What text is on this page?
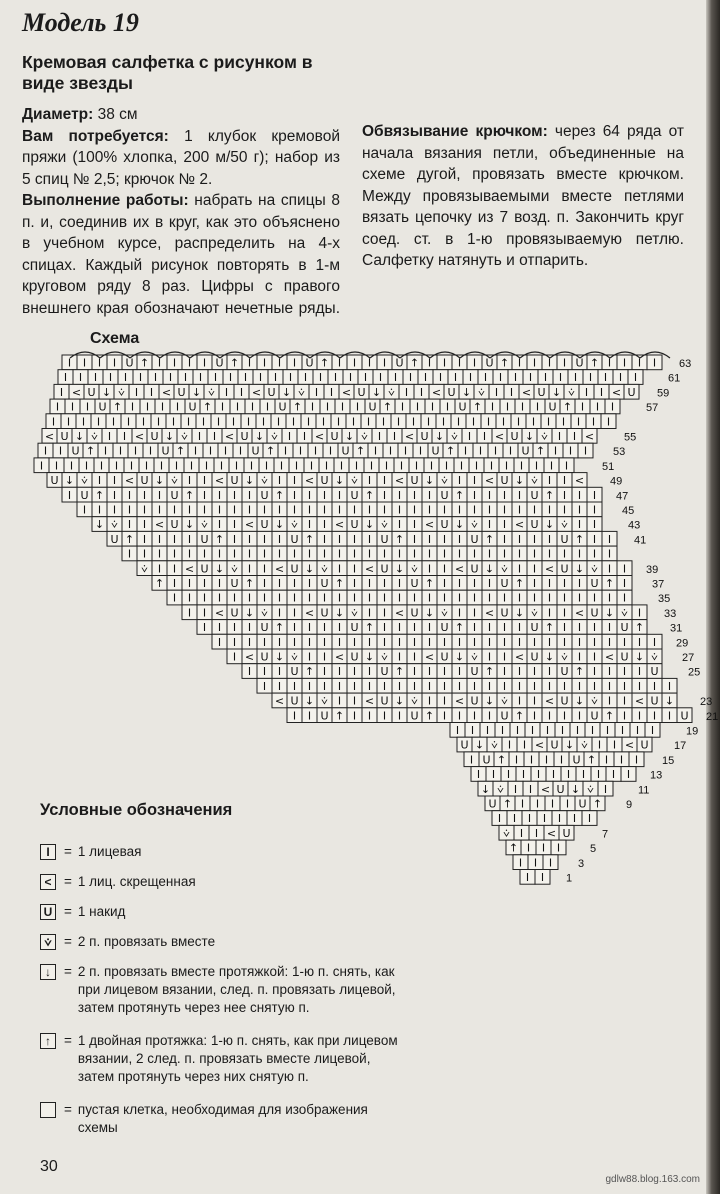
Модель 19
Кремовая салфетка с рисунком в виде звезды

Диаметр: 38 см

Вам потребуется: 1 клубок кремовой пряжи (100% хлопка, 200 м/50 г); набор из 5 спиц № 2,5; крючок № 2.

Выполнение работы: набрать на спицы 8 п. и, соединив их в круг, как это объяснено в учебном курсе, распределить на 4-х спицах. Каждый рисунок повторять в 1-м круговом ряду 8 раз. Цифры с правого внешнего края обозначают нечетные ряды.

Обвязывание крючком: через 64 ряда от начала вязания петли, объединенные на схеме дугой, провязать вместе крючком. Между провязываемыми вместе петлями вязать цепочку из 7 возд. п. Закончить круг соед. ст. в 1-ю провязываемую петлю. Салфетку натянуть и отпарить.

Схема
I I I I U ↑ I I I I U ↑ I I I I U ↑ I I I I U ↑ I I I I U ↑ I I I I U ↑ I I I I
I I I I I I I I I I I I I I I I I I I I I I I I I I I I I I I I I I I I I I I
I < U ↓ ⩒ I I < U ↓ ⩒ I I < U ↓ ⩒ I I < U ↓ ⩒ I I < U ↓ ⩒ I I < U ↓ ⩒ I I < U
I I I U ↑ I I I I U ↑ I I I I U ↑ I I I I U ↑ I I I I U ↑ I I I I U ↑ I I I
I I I I I I I I I I I I I I I I I I I I I I I I I I I I I I I I I I I I I I
< U ↓ ⩒ I I < U ↓ ⩒ I I < U ↓ ⩒ I I < U ↓ ⩒ I I < U ↓ ⩒ I I < U ↓ ⩒ I I <
I I U ↑ I I I I U ↑ I I I I U ↑ I I I I U ↑ I I I I U ↑ I I I I U ↑ I I I
I I I I I I I I I I I I I I I I I I I I I I I I I I I I I I I I I I I I
U ↓ ⩒ I I < U ↓ ⩒ I I < U ↓ ⩒ I I < U ↓ ⩒ I I < U ↓ ⩒ I I < U ↓ ⩒ I I <
I U ↑ I I I I U ↑ I I I I U ↑ I I I I U ↑ I I I I U ↑ I I I I U ↑ I I I
I I I I I I I I I I I I I I I I I I I I I I I I I I I I I I I I I I I
↓ ⩒ I I < U ↓ ⩒ I I < U ↓ ⩒ I I < U ↓ ⩒ I I < U ↓ ⩒ I I < U ↓ ⩒ I I
U ↑ I I I I U ↑ I I I I U ↑ I I I I U ↑ I I I I U ↑ I I I I U ↑ I I
I I I I I I I I I I I I I I I I I I I I I I I I I I I I I I I I I
⩒ I I < U ↓ ⩒ I I < U ↓ ⩒ I I < U ↓ ⩒ I I < U ↓ ⩒ I I < U ↓ ⩒ I I
↑ I I I I U ↑ I I I I U ↑ I I I I U ↑ I I I I U ↑ I I I I U ↑ I
I I I I I I I I I I I I I I I I I I I I I I I I I I I I I I I
I I < U ↓ ⩒ I I < U ↓ ⩒ I I < U ↓ ⩒ I I < U ↓ ⩒ I I < U ↓ ⩒ I
I I I I U ↑ I I I I U ↑ I I I I U ↑ I I I I U ↑ I I I I U ↑
I I I I I I I I I I I I I I I I I I I I I I I I I I I I I I
I < U ↓ ⩒ I I < U ↓ ⩒ I I < U ↓ ⩒ I I < U ↓ ⩒ I I < U ↓ ⩒
I I I U ↑ I I I I U ↑ I I I I U ↑ I I I I U ↑ I I I I U
I I I I I I I I I I I I I I I I I I I I I I I I I I I I
< U ↓ ⩒ I I < U ↓ ⩒ I I < U ↓ ⩒ I I < U ↓ ⩒ I I < U ↓
I I U ↑ I I I I U ↑ I I I I U ↑ I I I I U ↑ I I I I U
I I I I I I I I I I I I I I
U ↓ ⩒ I I < U ↓ ⩒ I I < U
I U ↑ I I I I U ↑ I I I
I I I I I I I I I I I
↓ ⩒ I I < U ↓ ⩒ I
U ↑ I I I I U ↑
I I I I I I I
⩒ I I < U
↑ I I I
I I I
I I
63
61
59
57
55
53
51
49
47
45
43
41
39
37
35
33
31
29
27
25
23
21
19
17
15
13
11
9
7
5
3
1
Условные обозначения
I	= 1 лицевая
< = 1 лиц. скрещенная
U = 1 накид
⩒ = 2 п. провязать вместе
↓ = 2 п. провязать вместе протяжкой: 1-ю п. снять, как при лицевом вязании, след. п. провязать лицевой, затем протянуть через нее снятую п.
↑ = 1 двойная протяжка: 1-ю п. снять, как при лицевом вязании, 2 след. п. провязать вместе лицевой, затем протянуть через них снятую п.
= пустая клетка, необходимая для изображения схемы
30
gdlw88.blog.163.com
